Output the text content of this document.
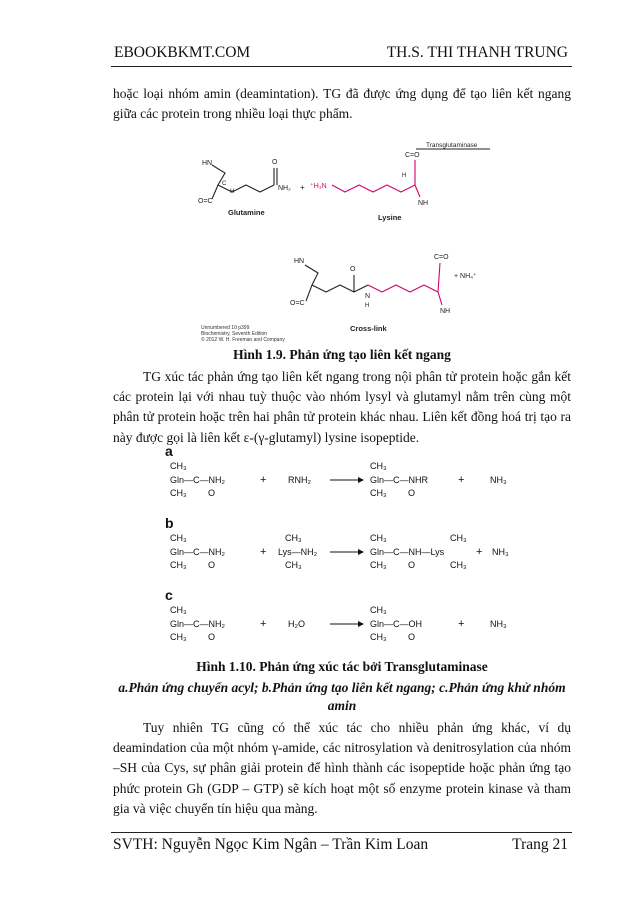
EBOOKBKMT.COM	TH.S. THI THANH TRUNG

hoặc loại nhóm amin (deamintation). TG đã được ứng dụng để tạo liên kết ngang giữa các protein trong nhiều loại thực phẩm.

HN
C
H
O=C
O
NH₂
Glutamine
+ ⁺H₃N
Lysine
C=O
H
NH
Transglutaminase
HN
O=C
O
N
H
C=O
NH
+ NH₄⁺
Cross-link
Unnumbered 10 p399
Biochemistry, Seventh Edition
© 2012 W. H. Freeman and Company
Hình 1.9. Phản ứng tạo liên kết ngang

TG xúc tác phản ứng tạo liên kết ngang trong nội phân tử protein hoặc gắn kết các protein lại với nhau tuỳ thuộc vào nhóm lysyl và glutamyl nằm trên cùng một phân tử protein hoặc trên hai phân tử protein khác nhau. Liên kết đồng hoá trị tạo ra này được gọi là liên kết ε-(γ-glutamyl) lysine isopeptide.

a
CH₃
Gln—C—NH₂
CH₃ O
+ RNH₂
CH₃
Gln—C—NHR
CH₃ O
+	NH₃
b
CH₃
Gln—C—NH₂
CH₃ O
+
CH₃
Lys—NH₂
CH₃
CH₃
Gln—C—NH—Lys
CH₃ O
CH₃
CH₃
+ NH₃
c
CH₃
Gln—C—NH₂
CH₃ O
+ H₂O
CH₃
Gln—C—OH
CH₃ O
+	NH₃
Hình 1.10. Phản ứng xúc tác bởi Transglutaminase
a.Phản ứng chuyển acyl; b.Phản ứng tạo liên kết ngang; c.Phản ứng khử nhóm amin

Tuy nhiên TG cũng có thể xúc tác cho nhiều phản ứng khác, ví dụ deamindation của một nhóm γ-amide, các nitrosylation và denitrosylation của nhóm –SH của Cys, sự phân giải protein để hình thành các isopeptide hoặc phản ứng tạo phức protein Gh (GDP – GTP) sẽ kích hoạt một số enzyme protein kinase và tham gia và việc chuyển tín hiệu qua màng.

SVTH: Nguyễn Ngọc Kim Ngân – Trần Kim Loan	Trang 21
